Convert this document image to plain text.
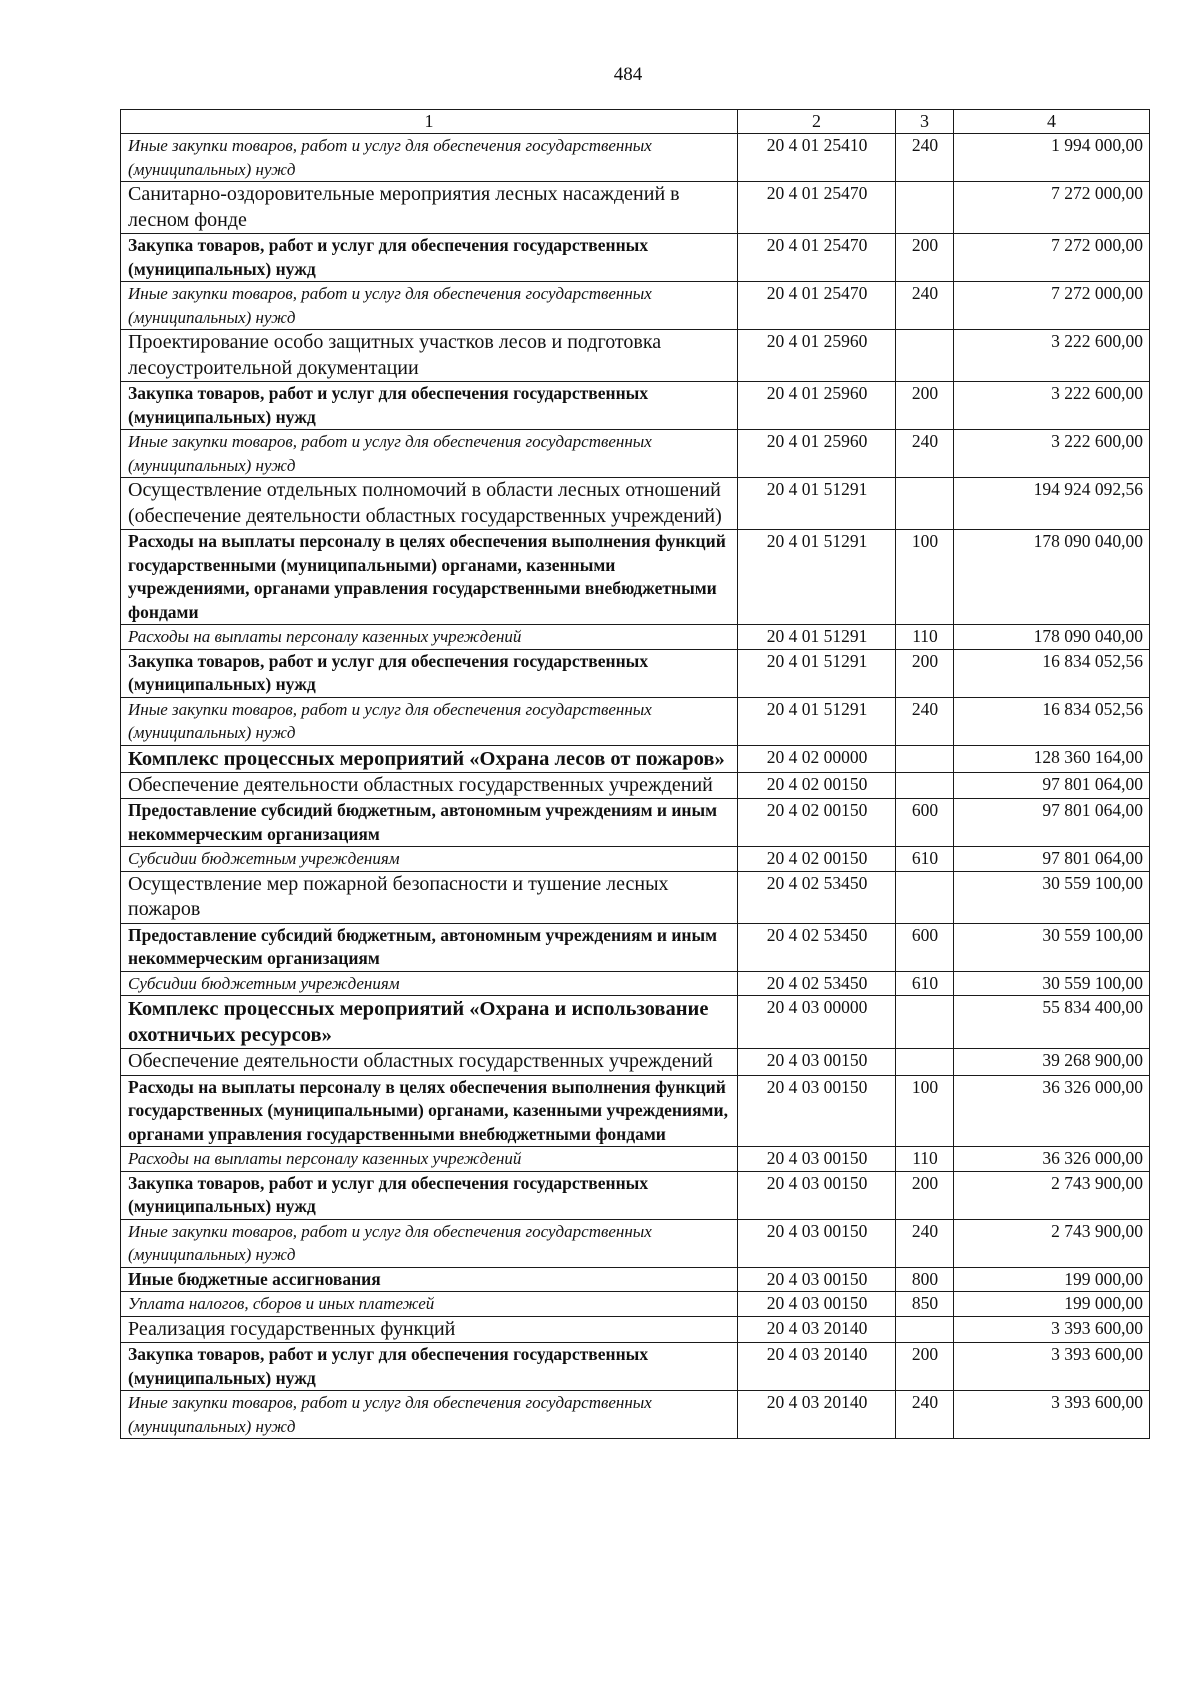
484
1	2	3	4
Иные закупки товаров, работ и услуг для обеспечения государственных (муниципальных) нужд	20 4 01 25410	240	1 994 000,00
Санитарно-оздоровительные мероприятия лесных насаждений в лесном фонде	20 4 01 25470		7 272 000,00
Закупка товаров, работ и услуг для обеспечения государственных (муниципальных) нужд	20 4 01 25470	200	7 272 000,00
Иные закупки товаров, работ и услуг для обеспечения государственных (муниципальных) нужд	20 4 01 25470	240	7 272 000,00
Проектирование особо защитных участков лесов и подготовка лесоустроительной документации	20 4 01 25960		3 222 600,00
Закупка товаров, работ и услуг для обеспечения государственных (муниципальных) нужд	20 4 01 25960	200	3 222 600,00
Иные закупки товаров, работ и услуг для обеспечения государственных (муниципальных) нужд	20 4 01 25960	240	3 222 600,00
Осуществление отдельных полномочий в области лесных отношений (обеспечение деятельности областных государственных учреждений)	20 4 01 51291		194 924 092,56
Расходы на выплаты персоналу в целях обеспечения выполнения функций государственными (муниципальными) органами, казенными учреждениями, органами управления государственными внебюджетными фондами	20 4 01 51291	100	178 090 040,00
Расходы на выплаты персоналу казенных учреждений	20 4 01 51291	110	178 090 040,00
Закупка товаров, работ и услуг для обеспечения государственных (муниципальных) нужд	20 4 01 51291	200	16 834 052,56
Иные закупки товаров, работ и услуг для обеспечения государственных (муниципальных) нужд	20 4 01 51291	240	16 834 052,56
Комплекс процессных мероприятий «Охрана лесов от пожаров»	20 4 02 00000		128 360 164,00
Обеспечение деятельности областных государственных учреждений	20 4 02 00150		97 801 064,00
Предоставление субсидий бюджетным, автономным учреждениям и иным некоммерческим организациям	20 4 02 00150	600	97 801 064,00
Субсидии бюджетным учреждениям	20 4 02 00150	610	97 801 064,00
Осуществление мер пожарной безопасности и тушение лесных пожаров	20 4 02 53450		30 559 100,00
Предоставление субсидий бюджетным, автономным учреждениям и иным некоммерческим организациям	20 4 02 53450	600	30 559 100,00
Субсидии бюджетным учреждениям	20 4 02 53450	610	30 559 100,00
Комплекс процессных мероприятий «Охрана и использование охотничьих ресурсов»	20 4 03 00000		55 834 400,00
Обеспечение деятельности областных государственных учреждений	20 4 03 00150		39 268 900,00
Расходы на выплаты персоналу в целях обеспечения выполнения функций государственных (муниципальными) органами, казенными учреждениями, органами управления государственными внебюджетными фондами	20 4 03 00150	100	36 326 000,00
Расходы на выплаты персоналу казенных учреждений	20 4 03 00150	110	36 326 000,00
Закупка товаров, работ и услуг для обеспечения государственных (муниципальных) нужд	20 4 03 00150	200	2 743 900,00
Иные закупки товаров, работ и услуг для обеспечения государственных (муниципальных) нужд	20 4 03 00150	240	2 743 900,00
Иные бюджетные ассигнования	20 4 03 00150	800	199 000,00
Уплата налогов, сборов и иных платежей	20 4 03 00150	850	199 000,00
Реализация государственных функций	20 4 03 20140		3 393 600,00
Закупка товаров, работ и услуг для обеспечения государственных (муниципальных) нужд	20 4 03 20140	200	3 393 600,00
Иные закупки товаров, работ и услуг для обеспечения государственных (муниципальных) нужд	20 4 03 20140	240	3 393 600,00
